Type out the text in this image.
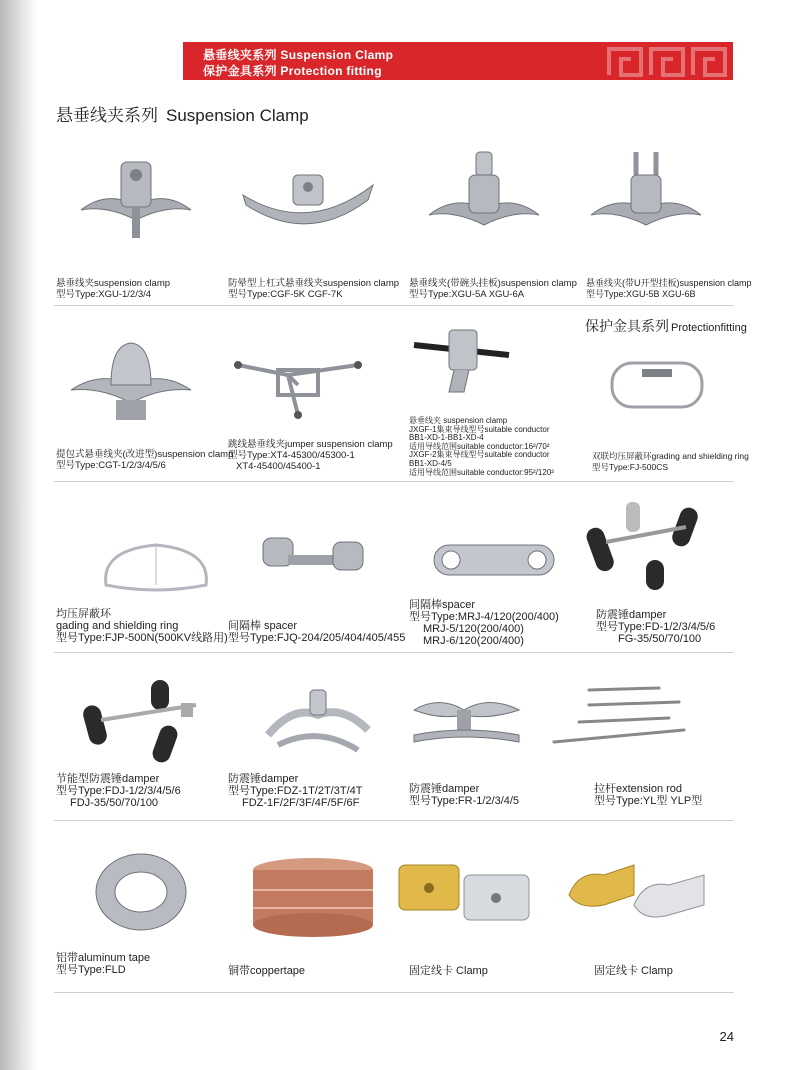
悬垂线夹系列 Suspension Clamp
保护金具系列 Protection fitting
悬垂线夹系列 Suspension Clamp
悬垂线夹suspension clamp
型号Type:XGU-1/2/3/4
防晕型上杠式悬垂线夹suspension clamp
型号Type:CGF-5K CGF-7K
悬垂线夹(带碗头挂板)suspension clamp
型号Type:XGU-5A XGU-6A
悬垂线夹(带U开型挂板)suspension clamp
型号Type:XGU-5B XGU-6B
保护金具系列 Protectionfitting
提包式悬垂线夹(改进型)suspension clamp
型号Type:CGT-1/2/3/4/5/6
跳线悬垂线夹jumper suspension clamp
型号Type:XT4-45300/45300-1
XT4-45400/45400-1
悬垂线夹 suspension clamp
JXGF-1集束导线型号suitable conductor
BB1-XD-1-BB1-XD-4
适用导线范围suitable conductor:16²/70²
JXGF-2集束导线型号suitable conductor
BB1-XD-4/5
适用导线范围suitable conductor:95²/120²
双联均压屏蔽环grading and shielding ring
型号Type:FJ-500CS
均压屏蔽环
gading and shielding ring
型号Type:FJP-500N(500KV线路用)
间隔棒 spacer
型号Type:FJQ-204/205/404/405/455
间隔棒spacer
型号Type:MRJ-4/120(200/400)
MRJ-5/120(200/400)
MRJ-6/120(200/400)
防震锤damper
型号Type:FD-1/2/3/4/5/6
FG-35/50/70/100
节能型防震锤damper
型号Type:FDJ-1/2/3/4/5/6
FDJ-35/50/70/100
防震锤damper
型号Type:FDZ-1T/2T/3T/4T
FDZ-1F/2F/3F/4F/5F/6F
防震锤damper
型号Type:FR-1/2/3/4/5
拉杆extension rod
型号Type:YL型 YLP型
铝带aluminum tape
型号Type:FLD	铜带coppertape	固定线卡 Clamp	固定线卡 Clamp
24
